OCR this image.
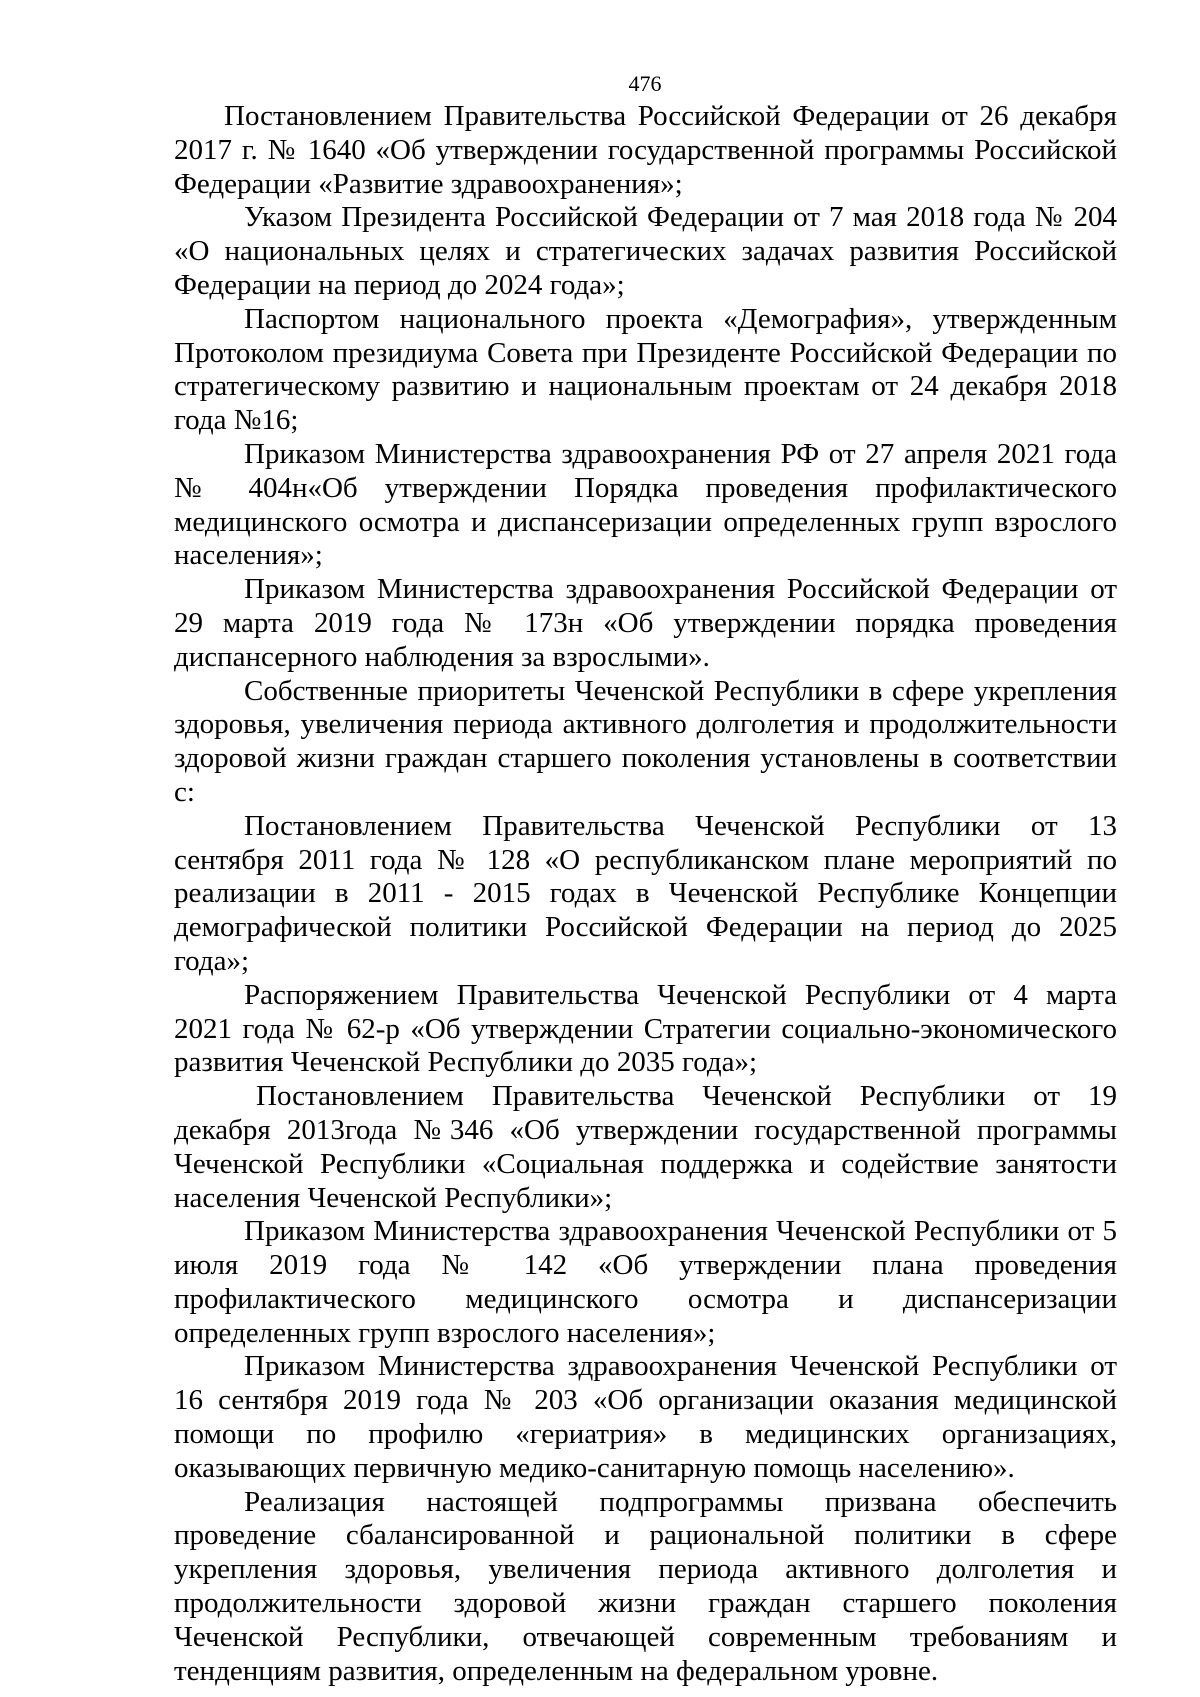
476

Постановлением Правительства Российской Федерации от 26 декабря 2017 г. № 1640 «Об утверждении государственной программы Российской Федерации «Развитие здравоохранения»;

Указом Президента Российской Федерации от 7 мая 2018 года № 204 «О национальных целях и стратегических задачах развития Российской Федерации на период до 2024 года»;

Паспортом национального проекта «Демография», утвержденным Протоколом президиума Совета при Президенте Российской Федерации по стратегическому развитию и национальным проектам от 24 декабря 2018 года №16;

Приказом Министерства здравоохранения РФ от 27 апреля 2021 года № 404н«Об утверждении Порядка проведения профилактического медицинского осмотра и диспансеризации определенных групп взрослого населения»;

Приказом Министерства здравоохранения Российской Федерации от 29 марта 2019 года № 173н «Об утверждении порядка проведения диспансерного наблюдения за взрослыми».

Собственные приоритеты Чеченской Республики в сфере укрепления здоровья, увеличения периода активного долголетия и продолжительности здоровой жизни граждан старшего поколения установлены в соответствии с:

Постановлением Правительства Чеченской Республики от 13 сентября 2011 года № 128 «О республиканском плане мероприятий по реализации в 2011 - 2015 годах в Чеченской Республике Концепции демографической политики Российской Федерации на период до 2025 года»;

Распоряжением Правительства Чеченской Республики от 4 марта 2021 года № 62-р «Об утверждении Стратегии социально-экономического развития Чеченской Республики до 2035 года»;

Постановлением Правительства Чеченской Республики от 19 декабря 2013года №346 «Об утверждении государственной программы Чеченской Республики «Социальная поддержка и содействие занятости населения Чеченской Республики»;

Приказом Министерства здравоохранения Чеченской Республики от 5 июля 2019 года № 142 «Об утверждении плана проведения профилактического медицинского осмотра и диспансеризации определенных групп взрослого населения»;

Приказом Министерства здравоохранения Чеченской Республики от 16 сентября 2019 года № 203 «Об организации оказания медицинской помощи по профилю «гериатрия» в медицинских организациях, оказывающих первичную медико-санитарную помощь населению».

Реализация настоящей подпрограммы призвана обеспечить проведение сбалансированной и рациональной политики в сфере укрепления здоровья, увеличения периода активного долголетия и продолжительности здоровой жизни граждан старшего поколения Чеченской Республики, отвечающей современным требованиям и тенденциям развития, определенным на федеральном уровне.
